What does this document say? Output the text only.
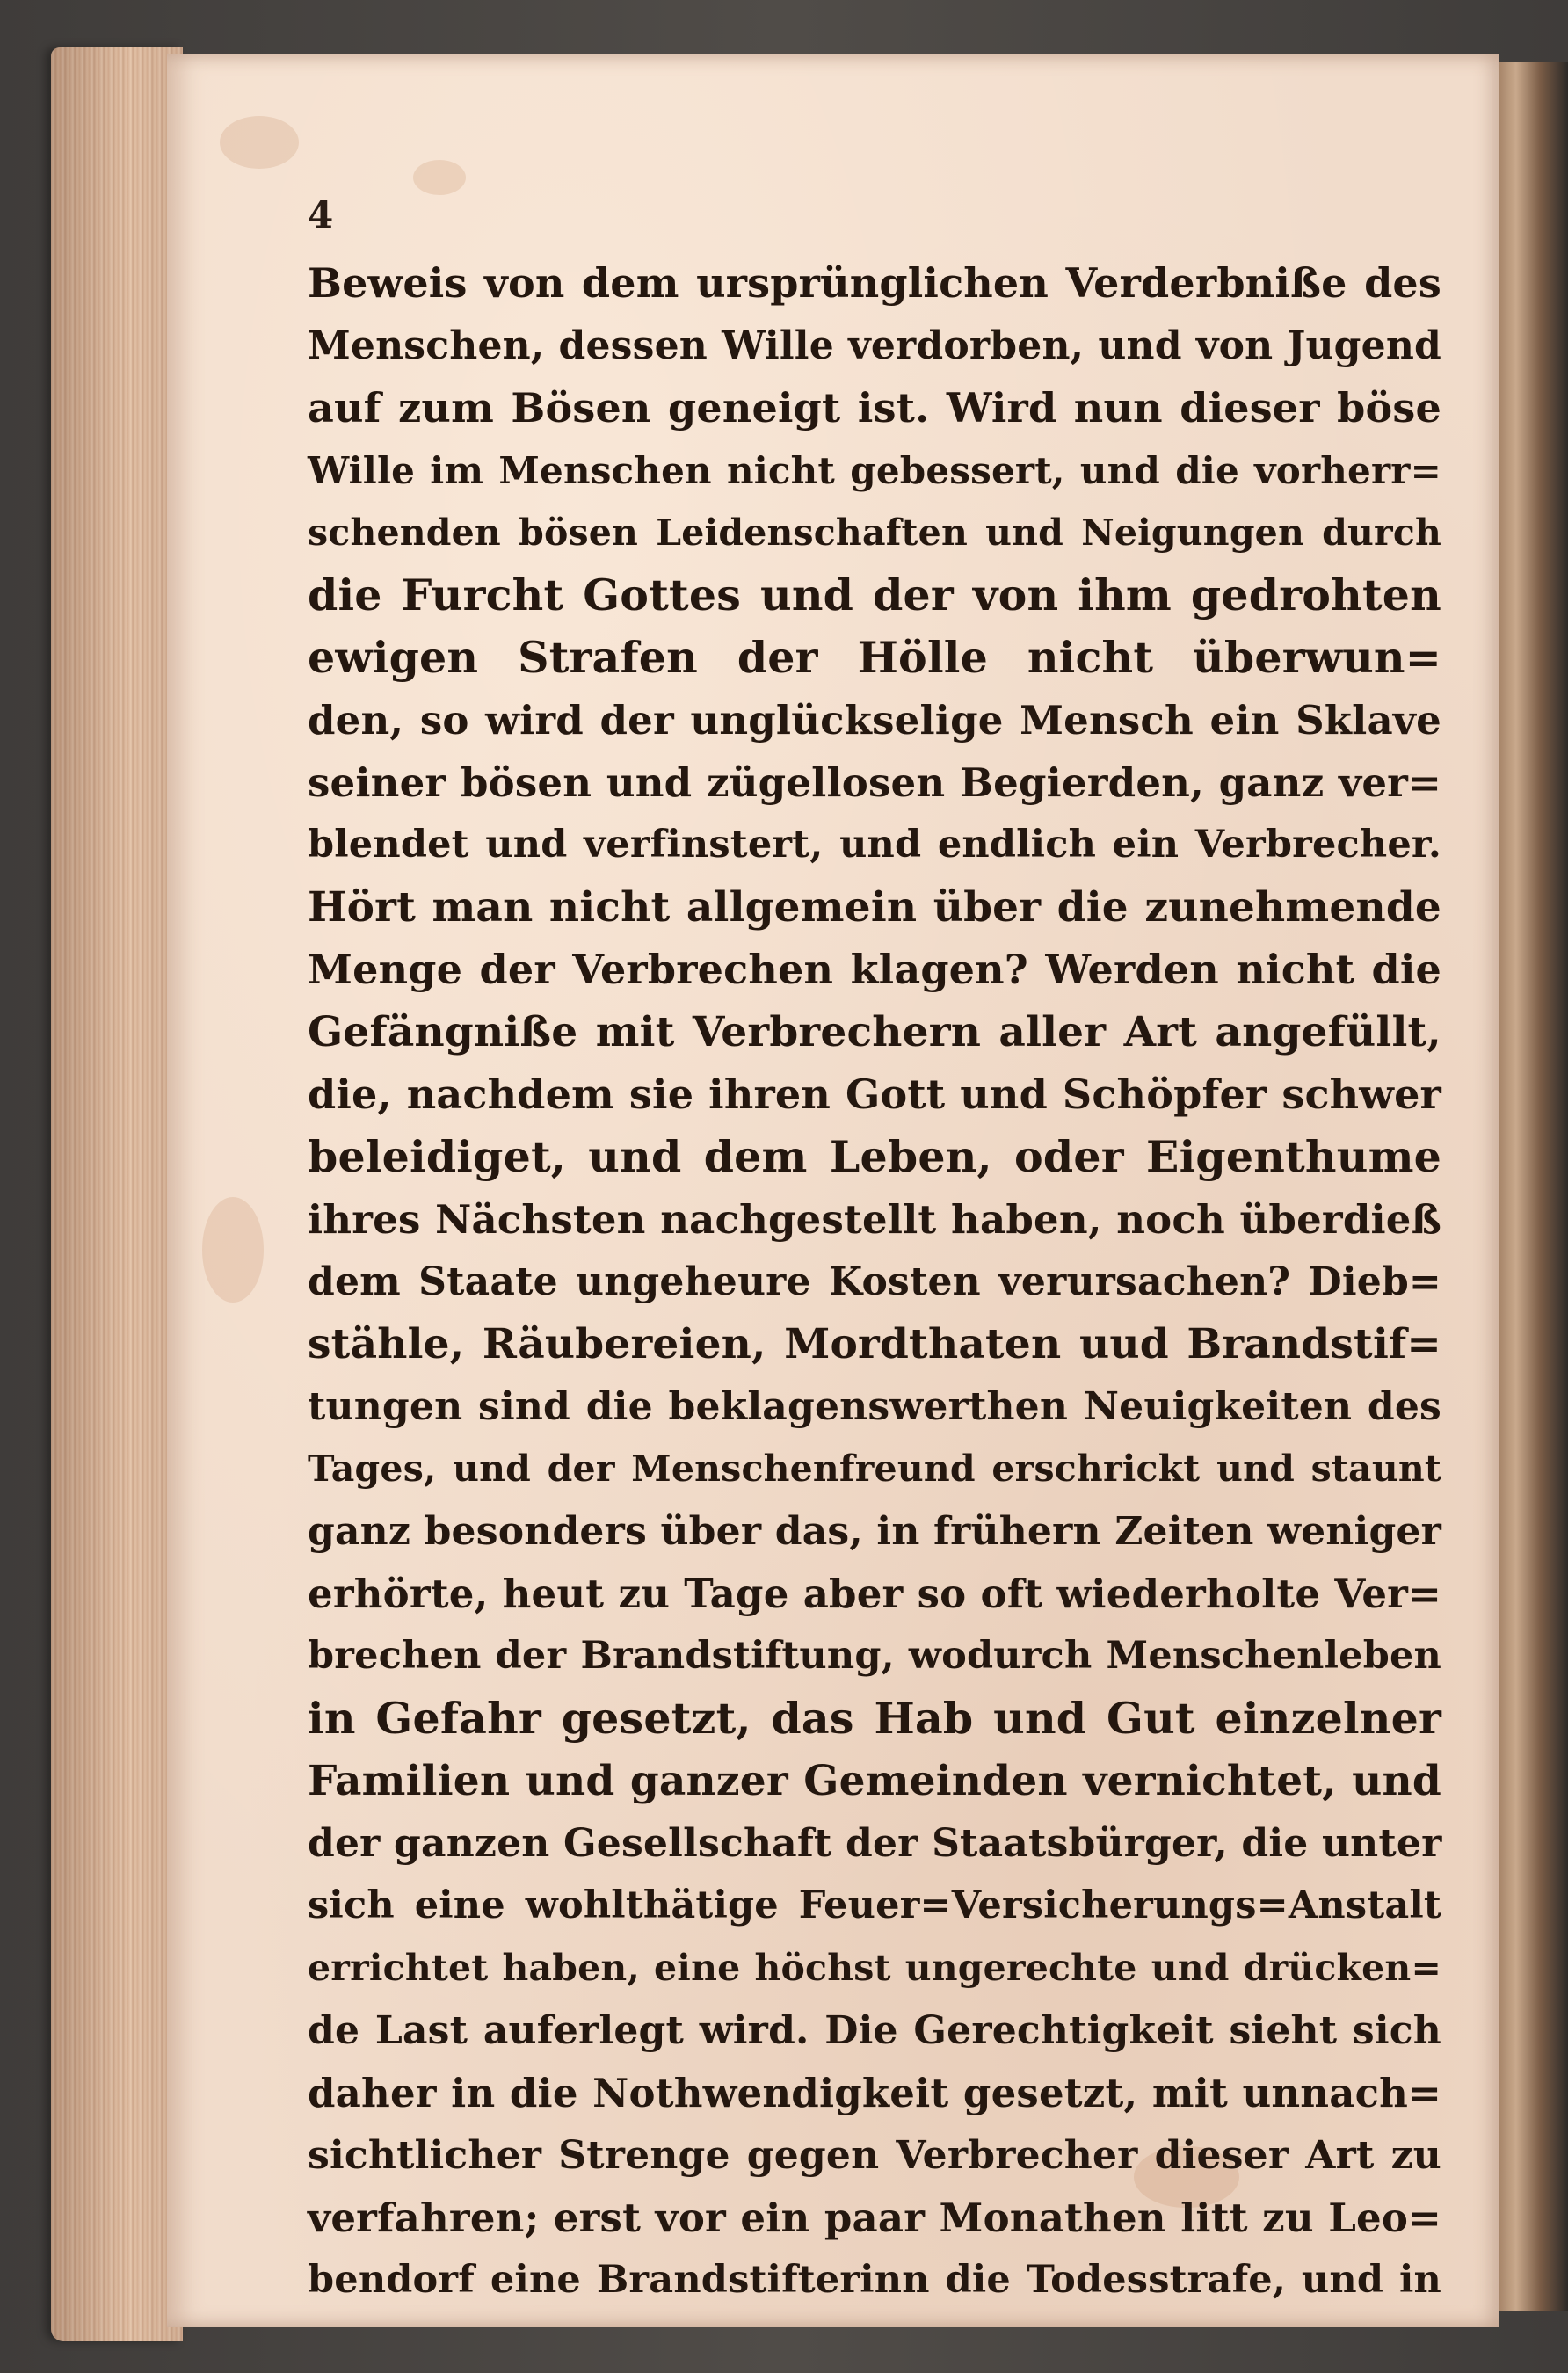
4
Beweis von dem ursprünglichen Verderbniße des
Menschen, dessen Wille verdorben, und von Jugend
auf zum Bösen geneigt ist. Wird nun dieser böse
Wille im Menschen nicht gebessert, und die vorherr=
schenden bösen Leidenschaften und Neigungen durch
die Furcht Gottes und der von ihm gedrohten
ewigen Strafen der Hölle nicht überwun=
den, so wird der unglückselige Mensch ein Sklave
seiner bösen und zügellosen Begierden, ganz ver=
blendet und verfinstert, und endlich ein Verbrecher.
Hört man nicht allgemein über die zunehmende
Menge der Verbrechen klagen? Werden nicht die
Gefängniße mit Verbrechern aller Art angefüllt,
die, nachdem sie ihren Gott und Schöpfer schwer
beleidiget, und dem Leben, oder Eigenthume
ihres Nächsten nachgestellt haben, noch überdieß
dem Staate ungeheure Kosten verursachen? Dieb=
stähle, Räubereien, Mordthaten uud Brandstif=
tungen sind die beklagenswerthen Neuigkeiten des
Tages, und der Menschenfreund erschrickt und staunt
ganz besonders über das, in frühern Zeiten weniger
erhörte, heut zu Tage aber so oft wiederholte Ver=
brechen der Brandstiftung, wodurch Menschenleben
in Gefahr gesetzt, das Hab und Gut einzelner
Familien und ganzer Gemeinden vernichtet, und
der ganzen Gesellschaft der Staatsbürger, die unter
sich eine wohlthätige Feuer=Versicherungs=Anstalt
errichtet haben, eine höchst ungerechte und drücken=
de Last auferlegt wird. Die Gerechtigkeit sieht sich
daher in die Nothwendigkeit gesetzt, mit unnach=
sichtlicher Strenge gegen Verbrecher dieser Art zu
verfahren; erst vor ein paar Monathen litt zu Leo=
bendorf eine Brandstifterinn die Todesstrafe, und in
